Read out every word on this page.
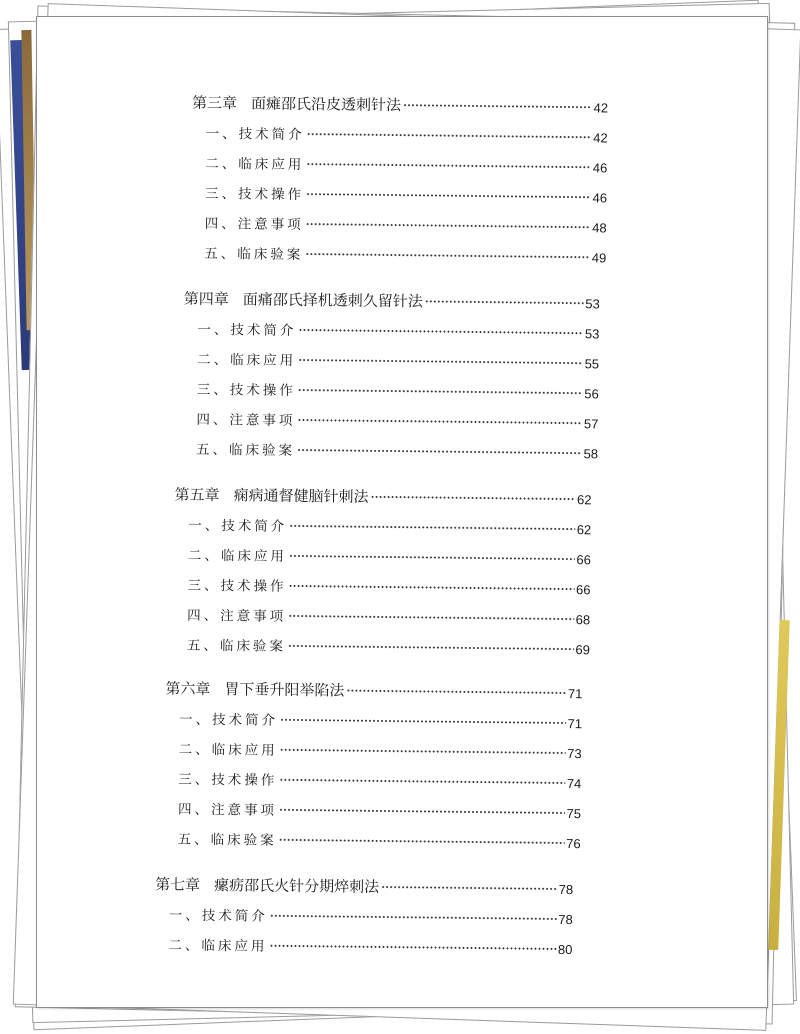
第三章 面瘫邵氏沿皮透刺针法	42
一、技术简介	42
二、临床应用	46
三、技术操作	46
四、注意事项	48
五、临床验案	49
第四章 面痛邵氏择机透刺久留针法	53
一、技术简介	53
二、临床应用	55
三、技术操作	56
四、注意事项	57
五、临床验案	58
第五章 痫病通督健脑针刺法	62
一、技术简介	62
二、临床应用	66
三、技术操作	66
四、注意事项	68
五、临床验案	69
第六章 胃下垂升阳举陷法	71
一、技术简介	71
二、临床应用	73
三、技术操作	74
四、注意事项	75
五、临床验案	76
第七章 瘰疬邵氏火针分期焠刺法	78
一、技术简介	78
二、临床应用	80
